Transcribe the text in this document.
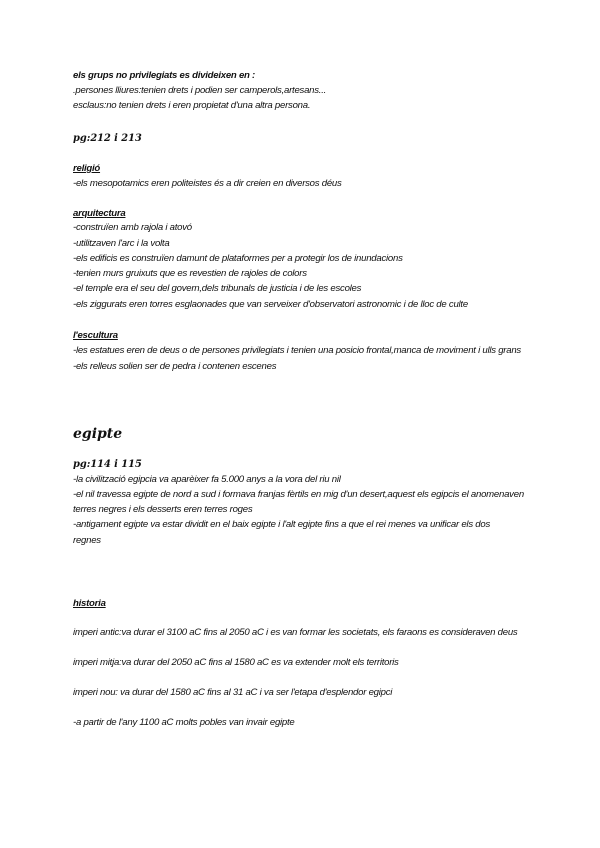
els grups no privilegiats es divideixen en :
.persones lliures:tenien drets i podien ser camperols,artesans...
esclaus:no tenien drets i eren propietat d'una altra persona.
pg:212 i 213
religió
-els mesopotamics eren politeistes és a dir creien en diversos déus
arquitectura
-construïen amb rajola i atovó
-utilitzaven l'arc i la volta
-els edificis es construïen damunt de plataformes per a protegir los de inundacions
-tenien murs gruixuts que es revestien de rajoles de colors
-el temple era el seu del govern,dels tribunals de justicia i de les escoles
-els ziggurats eren torres esglaonades que van serveixer d'observatori astronomic i de lloc de culte
l'escultura
-les estatues eren de deus o de persones privilegiats i tenien una posicio frontal,manca de moviment i ulls grans
-els relleus solien ser de pedra i contenen escenes
egipte
pg:114 i 115
-la civilització egipcia va aparèixer fa 5.000 anys a la vora del riu nil
-el nil travessa egipte de nord a sud i formava franjas fèrtils en mig d'un desert,aquest els egipcis el anomenaven
terres negres i els desserts eren terres roges
-antigament egipte va estar dividit en el baix egipte i l'alt egipte fins a que el rei menes va unificar els dos
regnes
historia
imperi antic:va durar el 3100 aC fins al 2050 aC i es van formar les societats, els faraons es consideraven deus
imperi mitja:va durar del 2050 aC fins al 1580 aC es va extender molt els territoris
imperi nou: va durar del 1580 aC fins al 31 aC i va ser l'etapa d'esplendor egipci
-a partir de l'any 1100 aC molts pobles van invair egipte
